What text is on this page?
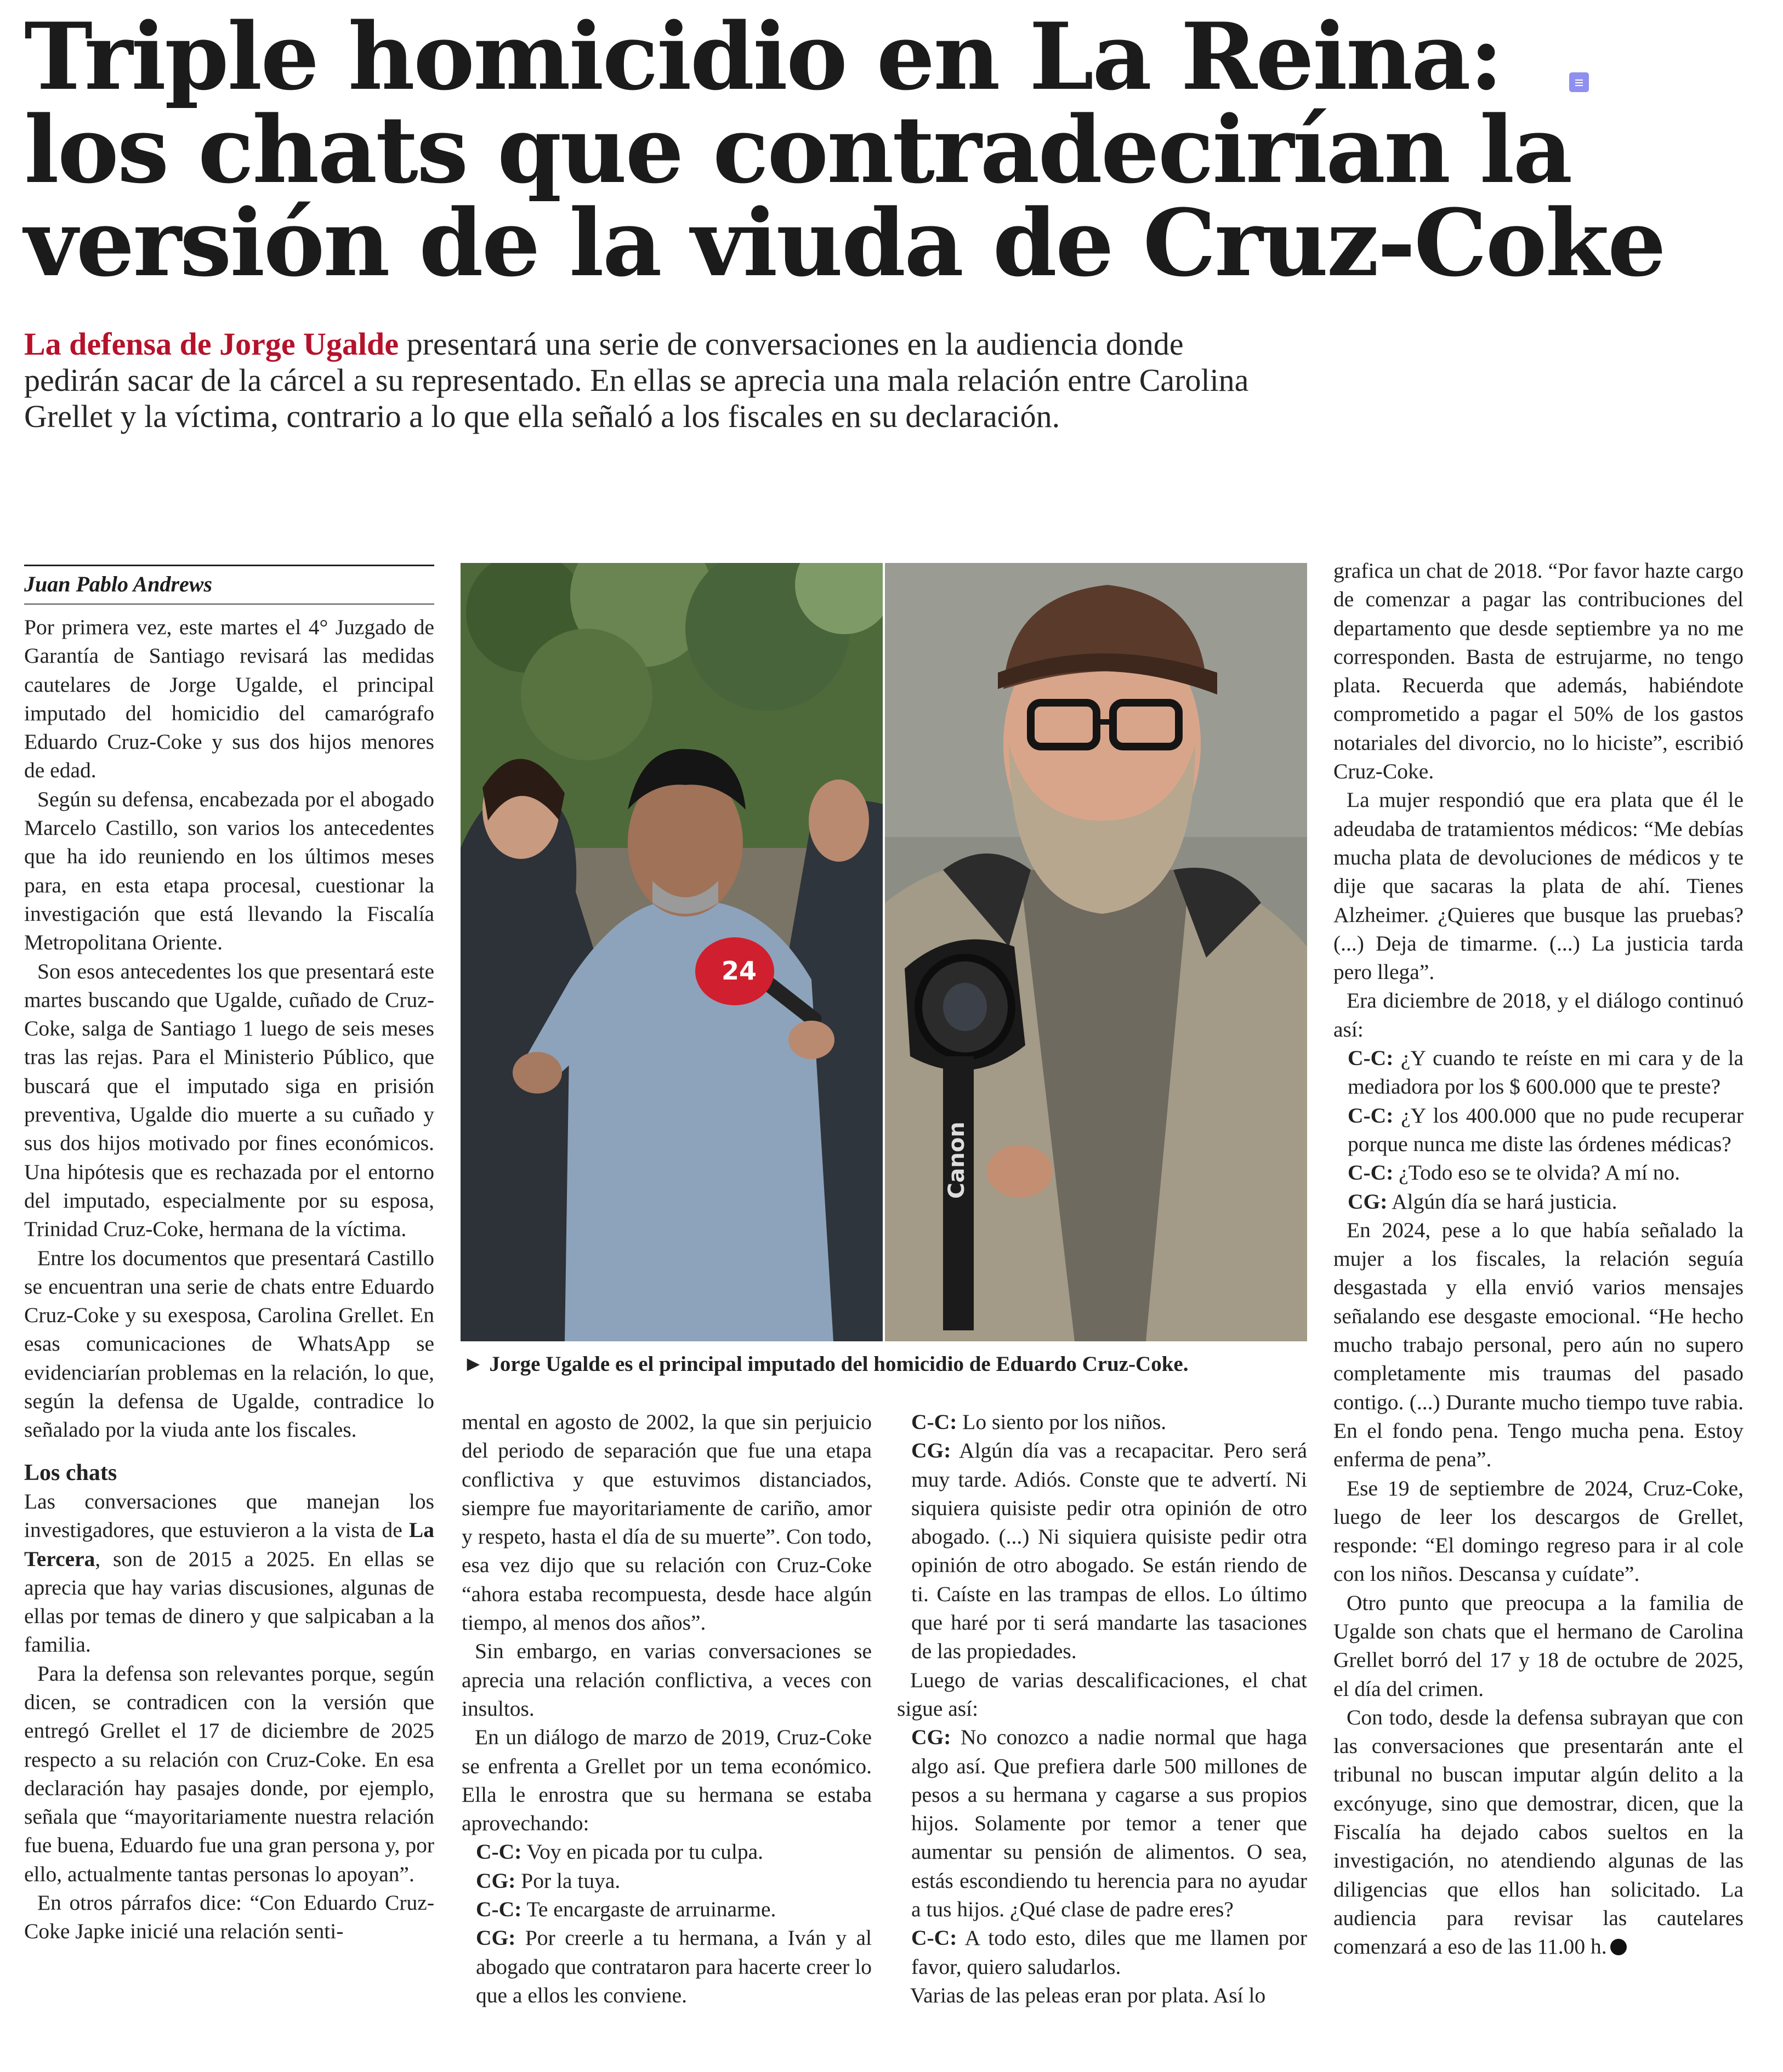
Triple homicidio en La Reina:
los chats que contradecirían la
versión de la viuda de Cruz-Coke
La defensa de Jorge Ugalde presentará una serie de conversaciones en la audiencia donde pedirán sacar de la cárcel a su representado. En ellas se aprecia una mala relación entre Carolina Grellet y la víctima, contrario a lo que ella señaló a los fiscales en su declaración.
Juan Pablo Andrews

Por primera vez, este martes el 4° Juzgado de Garantía de Santiago revisará las medidas cautelares de Jorge Ugalde, el principal imputado del homicidio del camarógrafo Eduardo Cruz-Coke y sus dos hijos menores de edad.

Según su defensa, encabezada por el abogado Marcelo Castillo, son varios los antecedentes que ha ido reuniendo en los últimos meses para, en esta etapa procesal, cuestionar la investigación que está llevando la Fiscalía Metropolitana Oriente.

Son esos antecedentes los que presentará este martes buscando que Ugalde, cuñado de Cruz-Coke, salga de Santiago 1 luego de seis meses tras las rejas. Para el Ministerio Público, que buscará que el imputado siga en prisión preventiva, Ugalde dio muerte a su cuñado y sus dos hijos motivado por fines económicos. Una hipótesis que es rechazada por el entorno del imputado, especialmente por su esposa, Trinidad Cruz-Coke, hermana de la víctima.

Entre los documentos que presentará Castillo se encuentran una serie de chats entre Eduardo Cruz-Coke y su exesposa, Carolina Grellet. En esas comunicaciones de WhatsApp se evidenciarían problemas en la relación, lo que, según la defensa de Ugalde, contradice lo señalado por la viuda ante los fiscales.

Los chats

Las conversaciones que manejan los investigadores, que estuvieron a la vista de La Tercera, son de 2015 a 2025. En ellas se aprecia que hay varias discusiones, algunas de ellas por temas de dinero y que salpicaban a la familia.

Para la defensa son relevantes porque, según dicen, se contradicen con la versión que entregó Grellet el 17 de diciembre de 2025 respecto a su relación con Cruz-Coke. En esa declaración hay pasajes donde, por ejemplo, señala que “mayoritariamente nuestra relación fue buena, Eduardo fue una gran persona y, por ello, actualmente tantas personas lo apoyan”.

En otros párrafos dice: “Con Eduardo Cruz-Coke Japke inicié una relación senti-

24
Canon
► Jorge Ugalde es el principal imputado del homicidio de Eduardo Cruz-Coke.

mental en agosto de 2002, la que sin perjuicio del periodo de separación que fue una etapa conflictiva y que estuvimos distanciados, siempre fue mayoritariamente de cariño, amor y respeto, hasta el día de su muerte”. Con todo, esa vez dijo que su relación con Cruz-Coke “ahora estaba recompuesta, desde hace algún tiempo, al menos dos años”.

Sin embargo, en varias conversaciones se aprecia una relación conflictiva, a veces con insultos.

En un diálogo de marzo de 2019, Cruz-Coke se enfrenta a Grellet por un tema económico. Ella le enrostra que su hermana se estaba aprovechando:

C-C: Voy en picada por tu culpa.

CG: Por la tuya.

C-C: Te encargaste de arruinarme.

CG: Por creerle a tu hermana, a Iván y al abogado que contrataron para hacerte creer lo que a ellos les conviene.

C-C: Lo siento por los niños.

CG: Algún día vas a recapacitar. Pero será muy tarde. Adiós. Conste que te advertí. Ni siquiera quisiste pedir otra opinión de otro abogado. (...) Ni siquiera quisiste pedir otra opinión de otro abogado. Se están riendo de ti. Caíste en las trampas de ellos. Lo último que haré por ti será mandarte las tasaciones de las propiedades.

Luego de varias descalificaciones, el chat sigue así:

CG: No conozco a nadie normal que haga algo así. Que prefiera darle 500 millones de pesos a su hermana y cagarse a sus propios hijos. Solamente por temor a tener que aumentar su pensión de alimentos. O sea, estás escondiendo tu herencia para no ayudar a tus hijos. ¿Qué clase de padre eres?

C-C: A todo esto, diles que me llamen por favor, quiero saludarlos.

Varias de las peleas eran por plata. Así lo

grafica un chat de 2018. “Por favor hazte cargo de comenzar a pagar las contribuciones del departamento que desde septiembre ya no me corresponden. Basta de estrujarme, no tengo plata. Recuerda que además, habiéndote comprometido a pagar el 50% de los gastos notariales del divorcio, no lo hiciste”, escribió Cruz-Coke.

La mujer respondió que era plata que él le adeudaba de tratamientos médicos: “Me debías mucha plata de devoluciones de médicos y te dije que sacaras la plata de ahí. Tienes Alzheimer. ¿Quieres que busque las pruebas? (...) Deja de timarme. (...) La justicia tarda pero llega”.

Era diciembre de 2018, y el diálogo continuó así:

C-C: ¿Y cuando te reíste en mi cara y de la mediadora por los $ 600.000 que te preste?

C-C: ¿Y los 400.000 que no pude recuperar porque nunca me diste las órdenes médicas?

C-C: ¿Todo eso se te olvida? A mí no.

CG: Algún día se hará justicia.

En 2024, pese a lo que había señalado la mujer a los fiscales, la relación seguía desgastada y ella envió varios mensajes señalando ese desgaste emocional. “He hecho mucho trabajo personal, pero aún no supero completamente mis traumas del pasado contigo. (...) Durante mucho tiempo tuve rabia. En el fondo pena. Tengo mucha pena. Estoy enferma de pena”.

Ese 19 de septiembre de 2024, Cruz-Coke, luego de leer los descargos de Grellet, responde: “El domingo regreso para ir al cole con los niños. Descansa y cuídate”.

Otro punto que preocupa a la familia de Ugalde son chats que el hermano de Carolina Grellet borró del 17 y 18 de octubre de 2025, el día del crimen.

Con todo, desde la defensa subrayan que con las conversaciones que presentarán ante el tribunal no buscan imputar algún delito a la excónyuge, sino que demostrar, dicen, que la Fiscalía ha dejado cabos sueltos en la investigación, no atendiendo algunas de las diligencias que ellos han solicitado. La audiencia para revisar las cautelares comenzará a eso de las 11.00 h.
